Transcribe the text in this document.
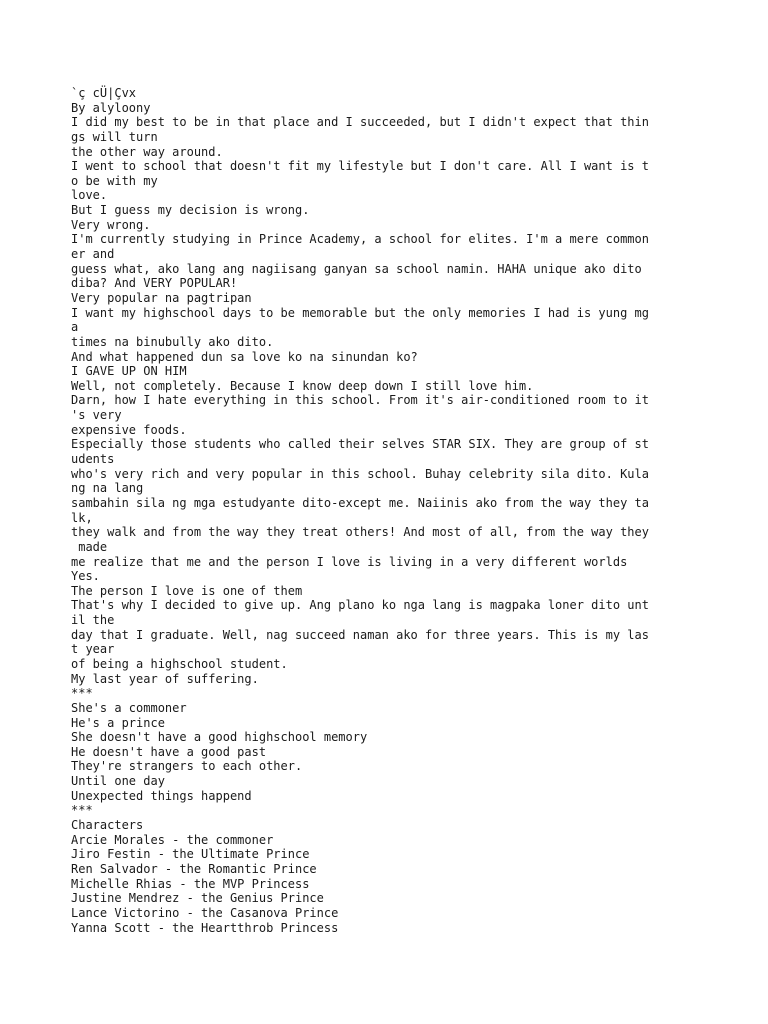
`ç cÜ|Çvx
By alyloony
I did my best to be in that place and I succeeded, but I didn't expect that thin
gs will turn
the other way around.
I went to school that doesn't fit my lifestyle but I don't care. All I want is t
o be with my
love.
But I guess my decision is wrong.
Very wrong.
I'm currently studying in Prince Academy, a school for elites. I'm a mere common
er and
guess what, ako lang ang nagiisang ganyan sa school namin. HAHA unique ako dito
diba? And VERY POPULAR!
Very popular na pagtripan
I want my highschool days to be memorable but the only memories I had is yung mg
a
times na binubully ako dito.
And what happened dun sa love ko na sinundan ko?
I GAVE UP ON HIM
Well, not completely. Because I know deep down I still love him.
Darn, how I hate everything in this school. From it's air-conditioned room to it
's very
expensive foods.
Especially those students who called their selves STAR SIX. They are group of st
udents
who's very rich and very popular in this school. Buhay celebrity sila dito. Kula
ng na lang
sambahin sila ng mga estudyante dito-except me. Naiinis ako from the way they ta
lk,
they walk and from the way they treat others! And most of all, from the way they
made
me realize that me and the person I love is living in a very different worlds
Yes.
The person I love is one of them
That's why I decided to give up. Ang plano ko nga lang is magpaka loner dito unt
il the
day that I graduate. Well, nag succeed naman ako for three years. This is my las
t year
of being a highschool student.
My last year of suffering.
***
She's a commoner
He's a prince
She doesn't have a good highschool memory
He doesn't have a good past
They're strangers to each other.
Until one day
Unexpected things happend
***
Characters
Arcie Morales - the commoner
Jiro Festin - the Ultimate Prince
Ren Salvador - the Romantic Prince
Michelle Rhias - the MVP Princess
Justine Mendrez - the Genius Prince
Lance Victorino - the Casanova Prince
Yanna Scott - the Heartthrob Princess
